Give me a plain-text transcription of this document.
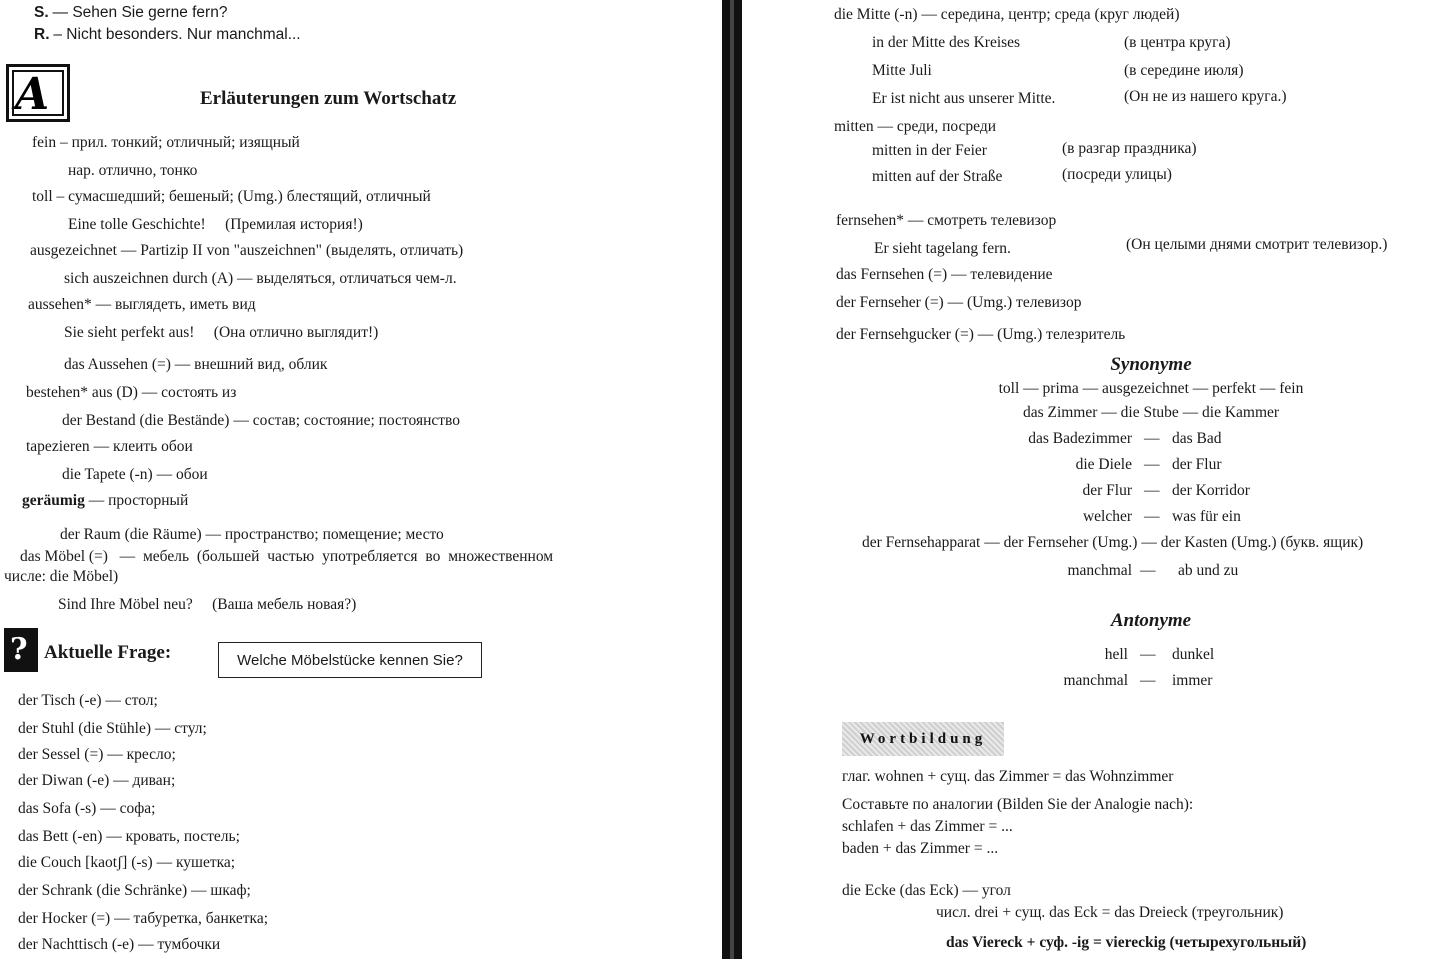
S. — Sehen Sie gerne fern?
R. – Nicht besonders. Nur manchmal...
A	Erläuterungen zum Wortschatz
fein – прил. тонкий; отличный; изящный
нар. отлично, тонко
toll – сумасшедший; бешеный; (Umg.) блестящий, отличный
Eine tolle Geschichte! (Премилая история!)
ausgezeichnet — Partizip II von "auszeichnen" (выделять, отличать)
sich auszeichnen durch (A) — выделяться, отличаться чем-л.
aussehen* — выглядеть, иметь вид
Sie sieht perfekt aus! (Она отлично выглядит!)
das Aussehen (=) — внешний вид, облик
bestehen* aus (D) — состоять из
der Bestand (die Bestände) — состав; состояние; постоянство
tapezieren — клеить обои
die Tapete (-n) — обои
geräumig — просторный
der Raum (die Räume) — пространство; помещение; место
das Möbel (=) — мебель (большей частью употребляется во множественном
числе: die Möbel)
Sind Ihre Möbel neu? (Ваша мебель новая?)
? Aktuelle Frage:	Welche Möbelstücke kennen Sie?
der Tisch (-e) — стол;
der Stuhl (die Stühle) — стул;
der Sessel (=) — кресло;
der Diwan (-e) — диван;
das Sofa (-s) — софа;
das Bett (-en) — кровать, постель;
die Couch [kaotʃ] (-s) — кушетка;
der Schrank (die Schränke) — шкаф;
der Hocker (=) — табуретка, банкетка;
der Nachttisch (-e) — тумбочки
die Mitte (-n) — середина, центр; среда (круг людей)
in der Mitte des Kreises	(в центра круга)
Mitte Juli	(в середине июля)
Er ist nicht aus unserer Mitte.	(Он не из нашего круга.)
mitten — среди, посреди
mitten in der Feier	(в разгар праздника)
mitten auf der Straße	(посреди улицы)
fernsehen* — смотреть телевизор
Er sieht tagelang fern.	(Он целыми днями смотрит телевизор.)
das Fernsehen (=) — телевидение
der Fernseher (=) — (Umg.) телевизор
der Fernsehgucker (=) — (Umg.) телезритель
Synonyme
toll — prima — ausgezeichnet — perfekt — fein
das Zimmer — die Stube — die Kammer
das Badezimmer — das Bad
die Diele — der Flur
der Flur — der Korridor
welcher — was für ein
der Fernsehapparat — der Fernseher (Umg.) — der Kasten (Umg.) (букв. ящик)
manchmal — ab und zu
Antonyme
hell — dunkel
manchmal — immer
Wortbildung
глаг. wohnen + сущ. das Zimmer = das Wohnzimmer
Составьте по аналогии (Bilden Sie der Analogie nach):
schlafen + das Zimmer = ...
baden + das Zimmer = ...
die Ecke (das Eck) — угол
числ. drei + сущ. das Eck = das Dreieck (треугольник)
das Viereck + суф. -ig = viereckig (четырехугольный)
